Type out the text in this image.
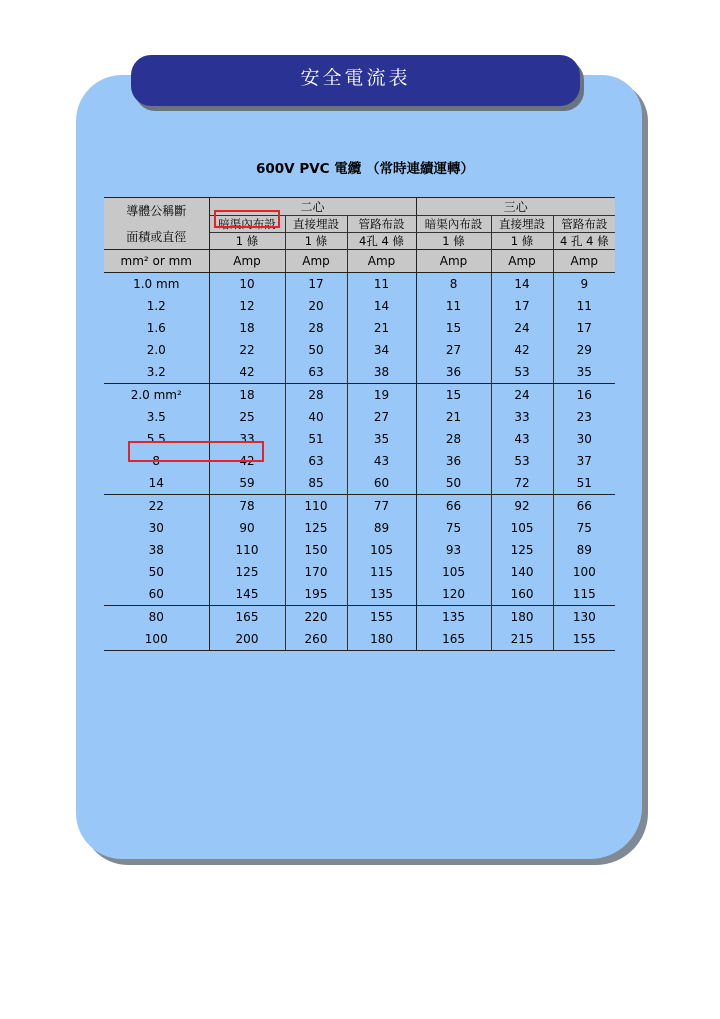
安全電流表
600V PVC 電纜 （常時連續運轉）
導體公稱斷
面積或直徑	二心			三心		
	暗渠內布設	直接埋設	管路布設	暗渠內布設	直接埋設	管路布設
	1 條	1 條	4孔 4 條	1 條	1 條	4 孔 4 條
mm² or mm	Amp	Amp	Amp	Amp	Amp	Amp
1.0 mm	10	17	11	8	14	9
1.2	12	20	14	11	17	11
1.6	18	28	21	15	24	17
2.0	22	50	34	27	42	29
3.2	42	63	38	36	53	35
2.0 mm²	18	28	19	15	24	16
3.5	25	40	27	21	33	23
5.5	33	51	35	28	43	30
8	42	63	43	36	53	37
14	59	85	60	50	72	51
22	78	110	77	66	92	66
30	90	125	89	75	105	75
38	110	150	105	93	125	89
50	125	170	115	105	140	100
60	145	195	135	120	160	115
80	165	220	155	135	180	130
100	200	260	180	165	215	155
